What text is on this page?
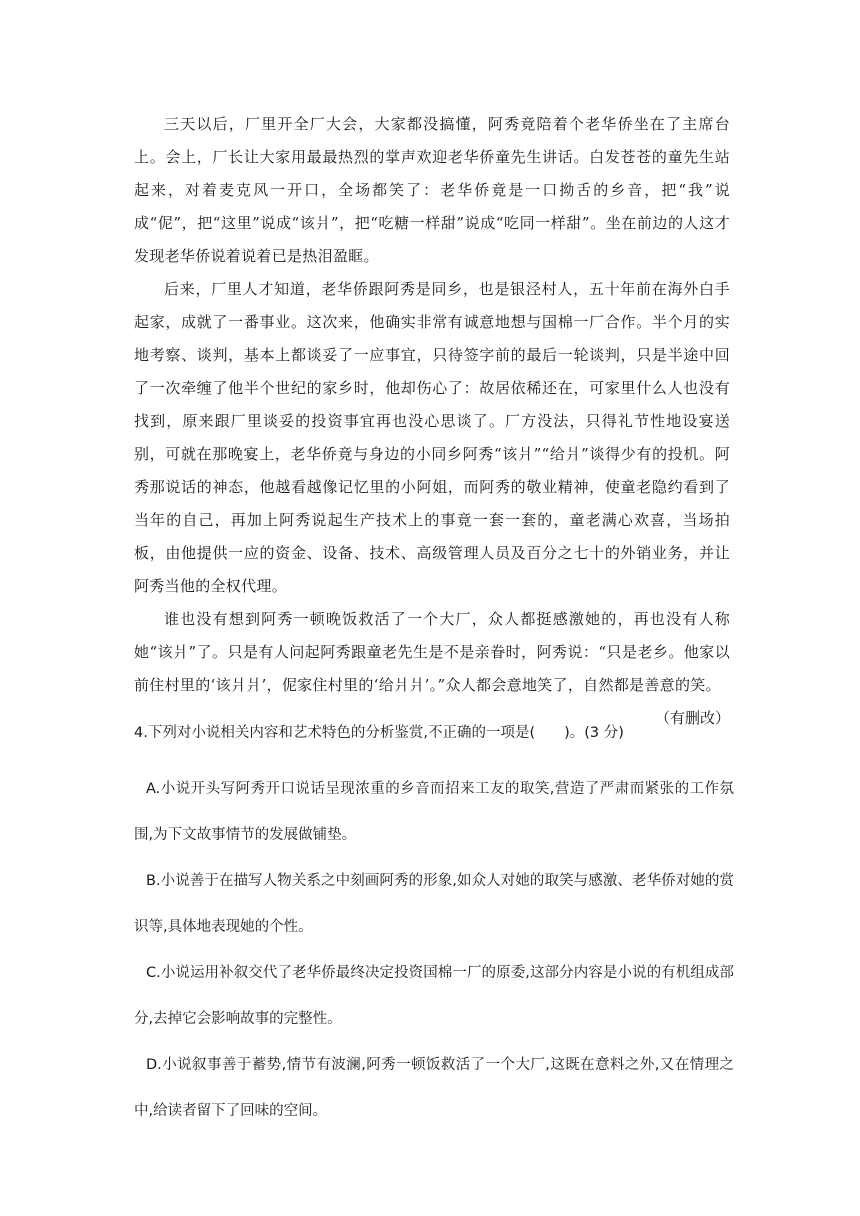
三天以后，厂里开全厂大会，大家都没搞懂，阿秀竟陪着个老华侨坐在了主席台上。会上，厂长让大家用最最热烈的掌声欢迎老华侨童先生讲话。白发苍苍的童先生站起来，对着麦克风一开口，全场都笑了：老华侨竟是一口拗舌的乡音，把“我”说成“伲”，把“这里”说成“该爿”，把“吃糖一样甜”说成“吃同一样甜”。坐在前边的人这才发现老华侨说着说着已是热泪盈眶。

后来，厂里人才知道，老华侨跟阿秀是同乡，也是银泾村人，五十年前在海外白手起家，成就了一番事业。这次来，他确实非常有诚意地想与国棉一厂合作。半个月的实地考察、谈判，基本上都谈妥了一应事宜，只待签字前的最后一轮谈判，只是半途中回了一次牵缠了他半个世纪的家乡时，他却伤心了：故居依稀还在，可家里什么人也没有找到，原来跟厂里谈妥的投资事宜再也没心思谈了。厂方没法，只得礼节性地设宴送别，可就在那晚宴上，老华侨竟与身边的小同乡阿秀“该爿”“给爿”谈得少有的投机。阿秀那说话的神态，他越看越像记忆里的小阿姐，而阿秀的敬业精神，使童老隐约看到了当年的自己，再加上阿秀说起生产技术上的事竟一套一套的，童老满心欢喜，当场拍板，由他提供一应的资金、设备、技术、高级管理人员及百分之七十的外销业务，并让阿秀当他的全权代理。

谁也没有想到阿秀一顿晚饭救活了一个大厂，众人都挺感激她的，再也没有人称她“该爿”了。只是有人问起阿秀跟童老先生是不是亲眷时，阿秀说：“只是老乡。他家以前住村里的‘该爿爿’，伲家住村里的‘给爿爿’。”众人都会意地笑了，自然都是善意的笑。

（有删改）

4.下列对小说相关内容和艺术特色的分析鉴赏,不正确的一项是(　　)。(3 分)

A.小说开头写阿秀开口说话呈现浓重的乡音而招来工友的取笑,营造了严肃而紧张的工作氛围,为下文故事情节的发展做铺垫。

B.小说善于在描写人物关系之中刻画阿秀的形象,如众人对她的取笑与感激、老华侨对她的赏识等,具体地表现她的个性。

C.小说运用补叙交代了老华侨最终决定投资国棉一厂的原委,这部分内容是小说的有机组成部分,去掉它会影响故事的完整性。

D.小说叙事善于蓄势,情节有波澜,阿秀一顿饭救活了一个大厂,这既在意料之外,又在情理之中,给读者留下了回味的空间。
